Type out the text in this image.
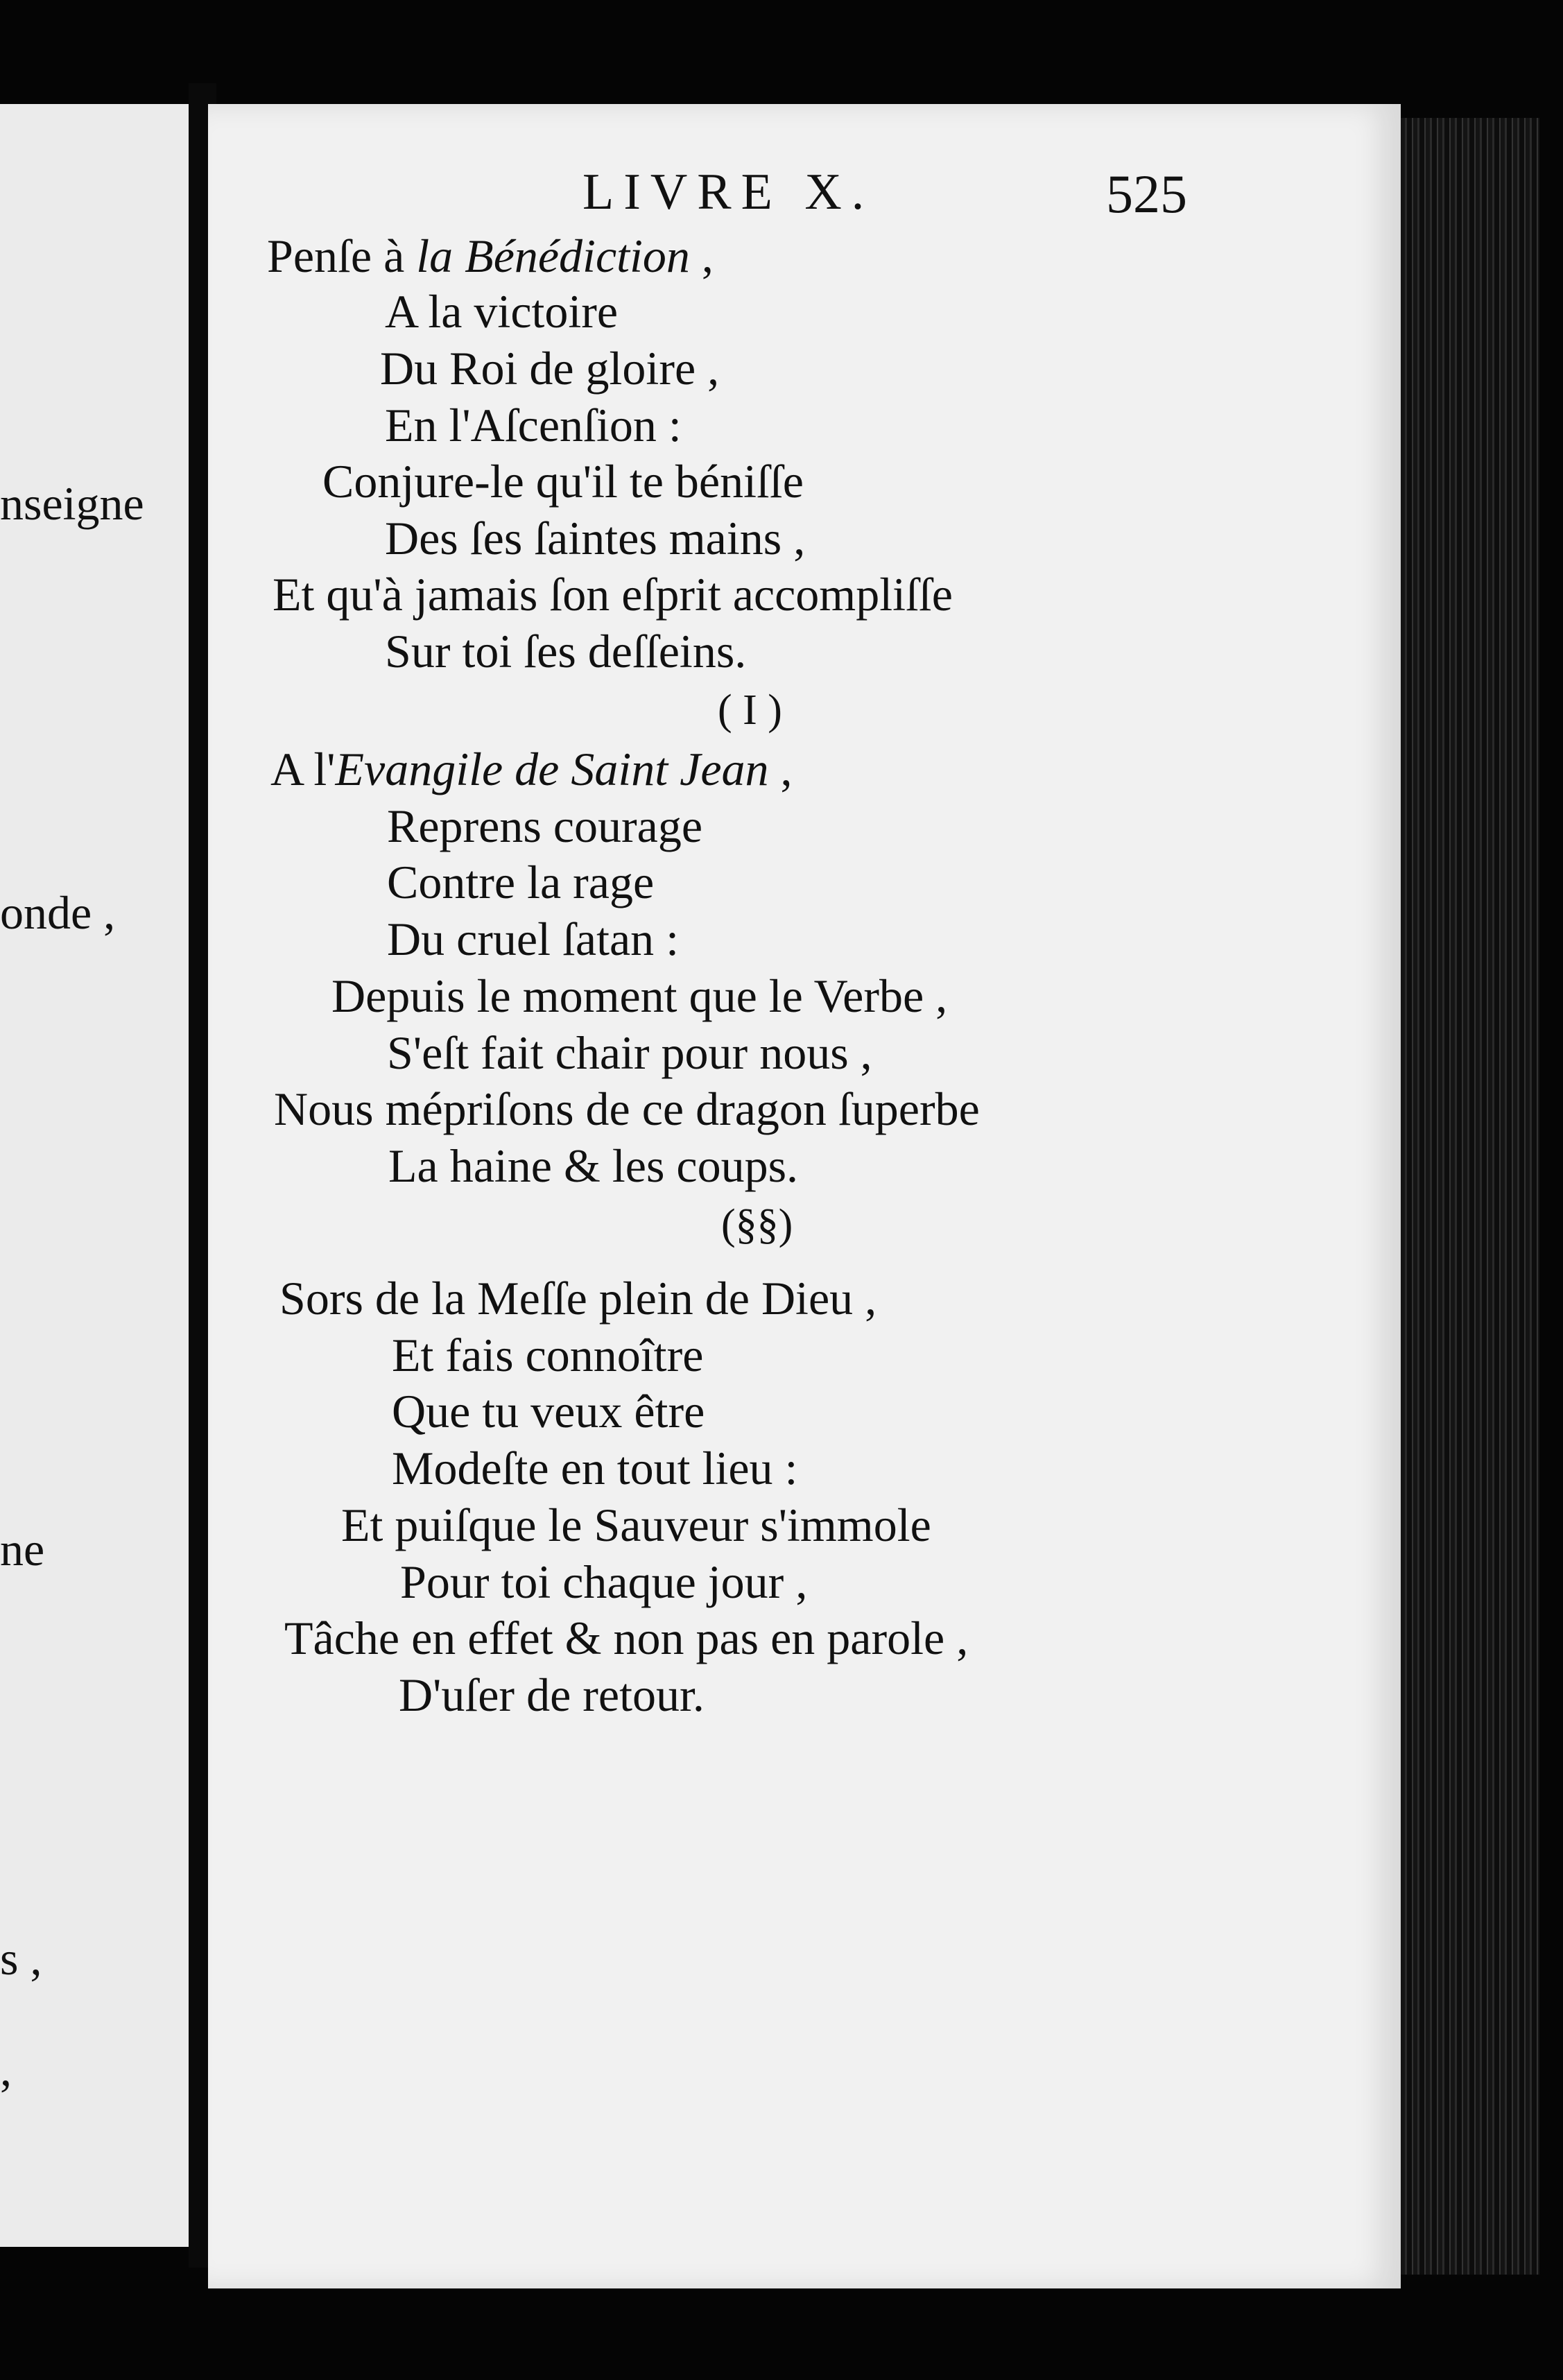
nseigne
onde ,
ne
s ,
,
LIVRE X.	525
Penſe à la Bénédiction ,
A la victoire
Du Roi de gloire ,
En l'Aſcenſion :
Conjure-le qu'il te béniſſe
Des ſes ſaintes mains ,
Et qu'à jamais ſon eſprit accompliſſe
Sur toi ſes deſſeins.
( I )
A l'Evangile de Saint Jean ,
Reprens courage
Contre la rage
Du cruel ſatan :
Depuis le moment que le Verbe ,
S'eſt fait chair pour nous ,
Nous mépriſons de ce dragon ſuperbe
La haine & les coups.
(§§)
Sors de la Meſſe plein de Dieu ,
Et fais connoître
Que tu veux être
Modeſte en tout lieu :
Et puiſque le Sauveur s'immole
Pour toi chaque jour ,
Tâche en effet & non pas en parole ,
D'uſer de retour.
